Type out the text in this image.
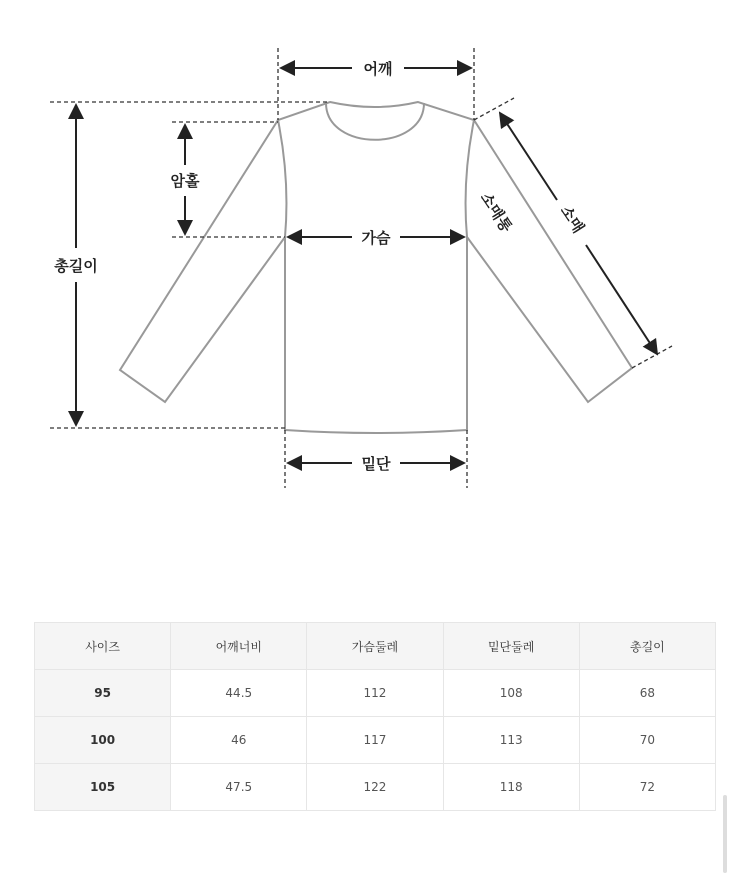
어깨
총길이
암홀
가슴
밑단
소매통	소매
사이즈	어깨너비	가슴둘레	밑단둘레	총길이
95	44.5	112	108	68
100	46	117	113	70
105	47.5	122	118	72
